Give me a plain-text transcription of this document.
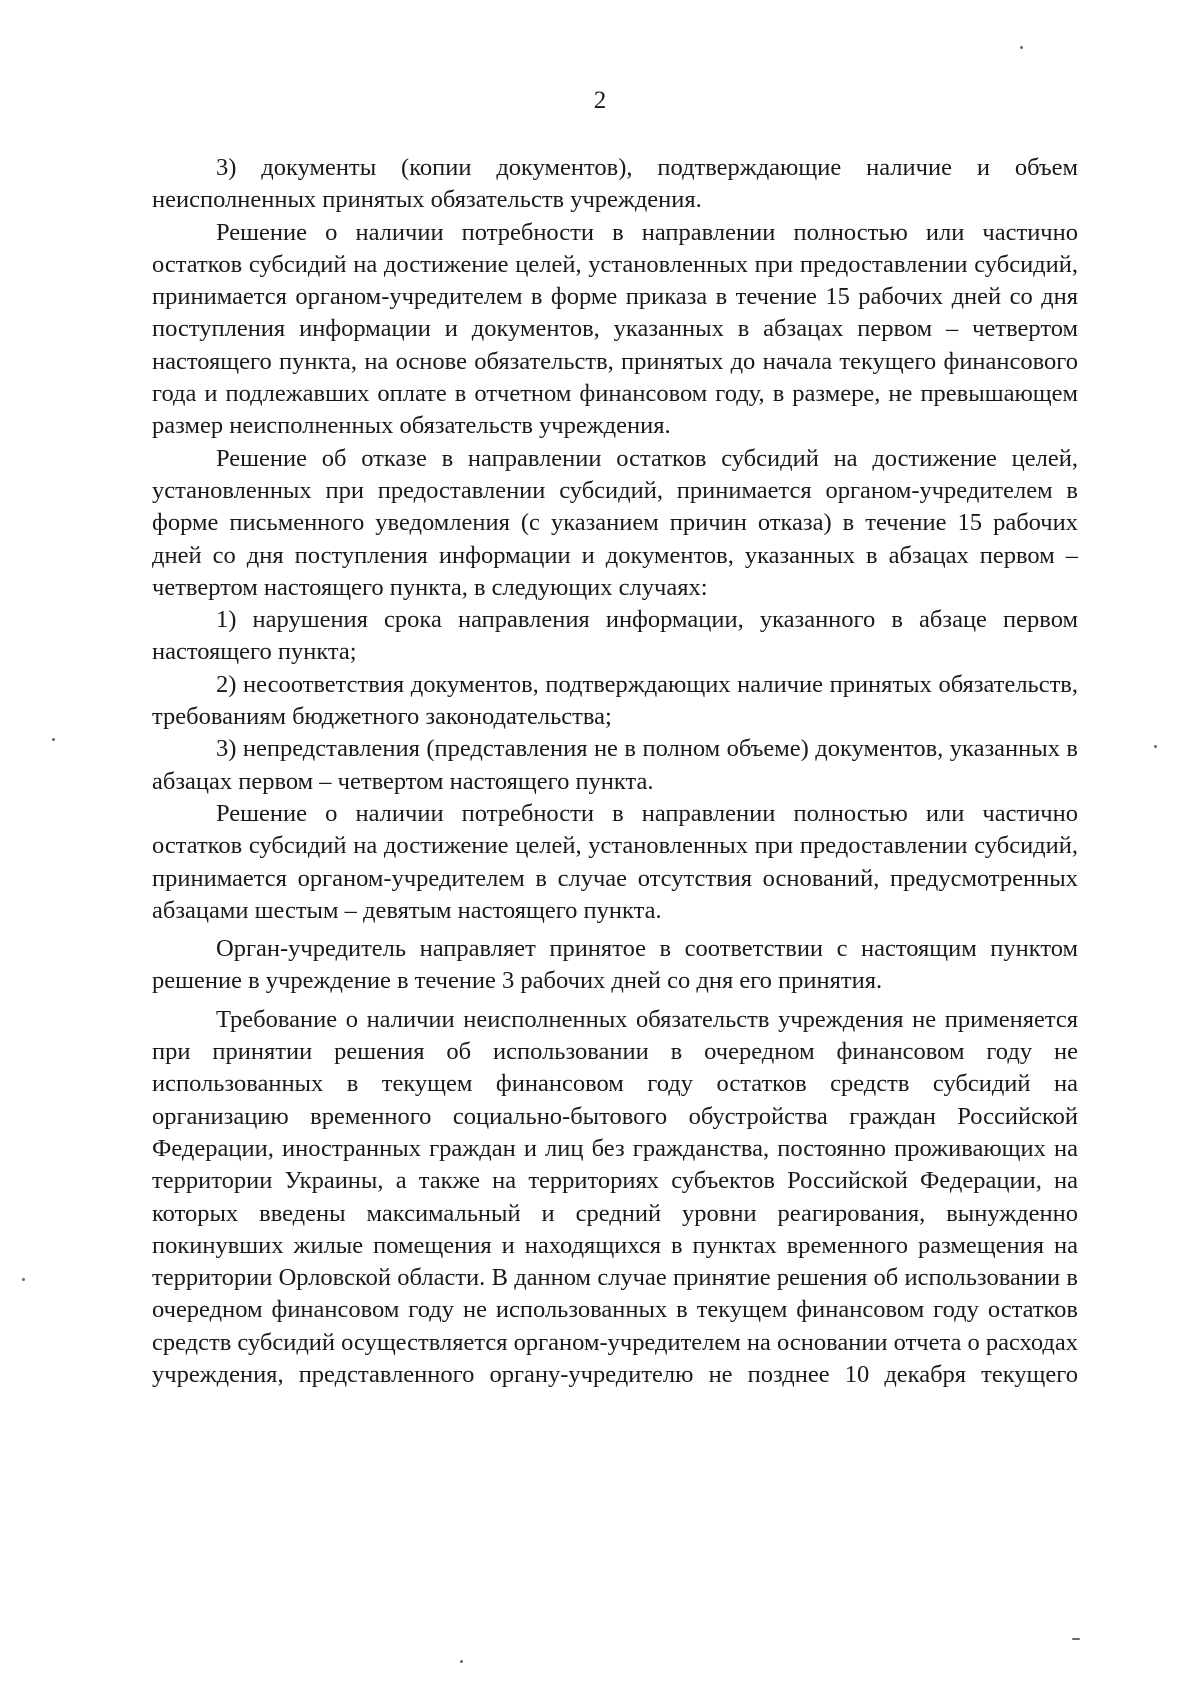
2

3) документы (копии документов), подтверждающие наличие и объем неисполненных принятых обязательств учреждения.

Решение о наличии потребности в направлении полностью или частично остатков субсидий на достижение целей, установленных при предоставлении субсидий, принимается органом-учредителем в форме приказа в течение 15 рабочих дней со дня поступления информации и документов, указанных в абзацах первом – четвертом настоящего пункта, на основе обязательств, принятых до начала текущего финансового года и подлежавших оплате в отчетном финансовом году, в размере, не превышающем размер неисполненных обязательств учреждения.

Решение об отказе в направлении остатков субсидий на достижение целей, установленных при предоставлении субсидий, принимается органом-учредителем в форме письменного уведомления (с указанием причин отказа) в течение 15 рабочих дней со дня поступления информации и документов, указанных в абзацах первом – четвертом настоящего пункта, в следующих случаях:

1) нарушения срока направления информации, указанного в абзаце первом настоящего пункта;

2) несоответствия документов, подтверждающих наличие принятых обязательств, требованиям бюджетного законодательства;

3) непредставления (представления не в полном объеме) документов, указанных в абзацах первом – четвертом настоящего пункта.

Решение о наличии потребности в направлении полностью или частично остатков субсидий на достижение целей, установленных при предоставлении субсидий, принимается органом-учредителем в случае отсутствия оснований, предусмотренных абзацами шестым – девятым настоящего пункта.

Орган-учредитель направляет принятое в соответствии с настоящим пунктом решение в учреждение в течение 3 рабочих дней со дня его принятия.

Требование о наличии неисполненных обязательств учреждения не применяется при принятии решения об использовании в очередном финансовом году не использованных в текущем финансовом году остатков средств субсидий на организацию временного социально-бытового обустройства граждан Российской Федерации, иностранных граждан и лиц без гражданства, постоянно проживающих на территории Украины, а также на территориях субъектов Российской Федерации, на которых введены максимальный и средний уровни реагирования, вынужденно покинувших жилые помещения и находящихся в пунктах временного размещения на территории Орловской области. В данном случае принятие решения об использовании в очередном финансовом году не использованных в текущем финансовом году остатков средств субсидий осуществляется органом-учредителем на основании отчета о расходах учреждения, представленного органу-учредителю не позднее 10 декабря текущего
